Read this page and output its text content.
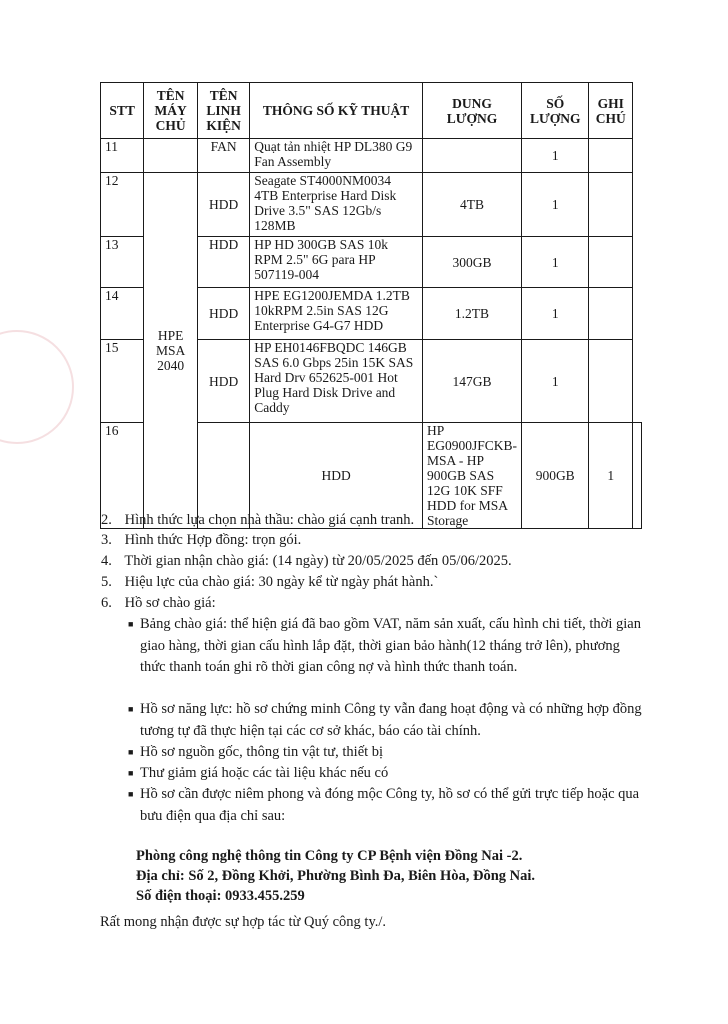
STT	TÊN MÁY CHỦ	TÊN LINH KIỆN	THÔNG SỐ KỸ THUẬT	DUNG LƯỢNG	SỐ LƯỢNG	GHI CHÚ	
11		FAN	Quạt tản nhiệt HP DL380 G9 Fan Assembly		1		
12	HPE MSA 2040	HDD	Seagate ST4000NM0034 4TB Enterprise Hard Disk Drive 3.5" SAS 12Gb/s 128MB	4TB	1		
13		HDD	HP HD 300GB SAS 10k RPM 2.5" 6G para HP 507119-004	300GB	1		
14		HDD	HPE EG1200JEMDA 1.2TB 10kRPM 2.5in SAS 12G Enterprise G4-G7 HDD	1.2TB	1		
15		HDD	HP EH0146FBQDC 146GB SAS 6.0 Gbps 25in 15K SAS Hard Drv 652625-001 Hot Plug Hard Disk Drive and Caddy	147GB	1		
16			HDD	HP EG0900JFCKB-MSA - HP 900GB SAS 12G 10K SFF HDD for MSA Storage	900GB	1	
2. Hình thức lựa chọn nhà thầu: chào giá cạnh tranh.
3. Hình thức Hợp đồng: trọn gói.
4. Thời gian nhận chào giá: (14 ngày) từ 20/05/2025 đến 05/06/2025.
5. Hiệu lực của chào giá: 30 ngày kể từ ngày phát hành.`
6. Hồ sơ chào giá:
■ Bảng chào giá: thể hiện giá đã bao gồm VAT, năm sản xuất, cấu hình chi tiết, thời gian giao hàng, thời gian cấu hình lắp đặt, thời gian bảo hành(12 tháng trở lên), phương thức thanh toán ghi rõ thời gian công nợ và hình thức thanh toán.
■ Hồ sơ năng lực: hồ sơ chứng minh Công ty vẫn đang hoạt động và có những hợp đồng tương tự đã thực hiện tại các cơ sở khác, báo cáo tài chính.
■ Hồ sơ nguồn gốc, thông tin vật tư, thiết bị
■ Thư giảm giá hoặc các tài liệu khác nếu có
■ Hồ sơ cần được niêm phong và đóng mộc Công ty, hồ sơ có thể gửi trực tiếp hoặc qua bưu điện qua địa chỉ sau:
Phòng công nghệ thông tin Công ty CP Bệnh viện Đồng Nai -2.
Địa chỉ: Số 2, Đồng Khởi, Phường Bình Đa, Biên Hòa, Đồng Nai.
Số điện thoại: 0933.455.259
Rất mong nhận được sự hợp tác từ Quý công ty./.
